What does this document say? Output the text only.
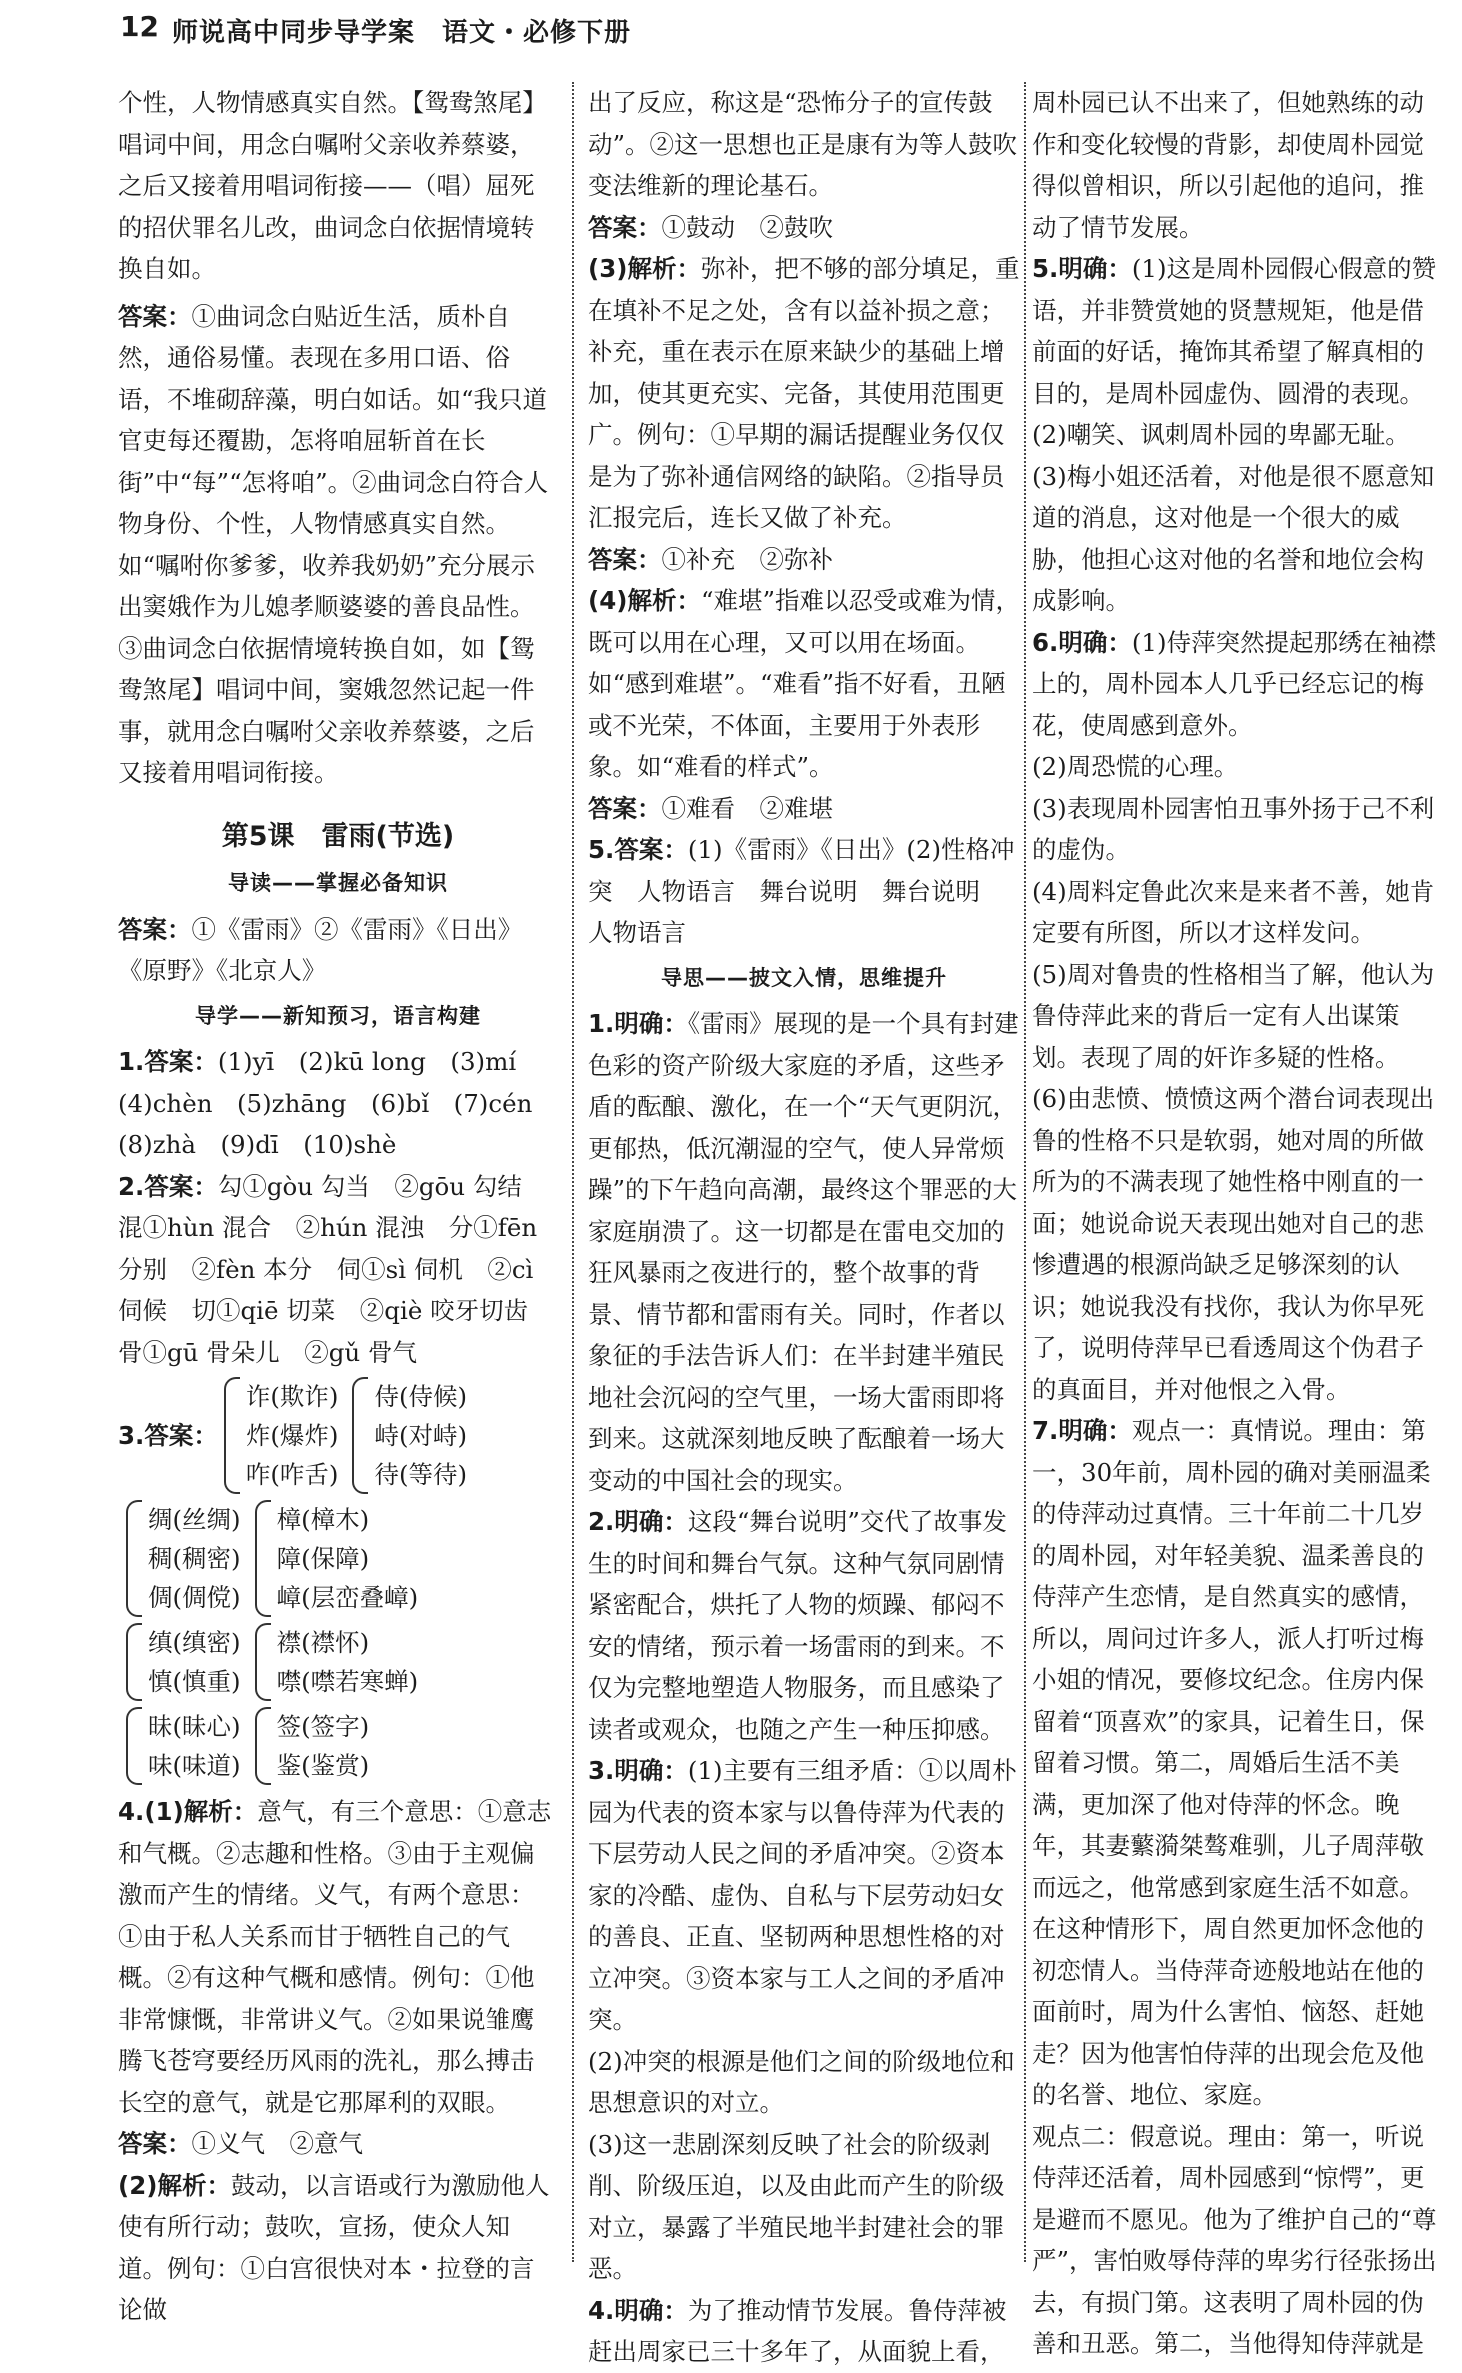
12 师说高中同步导学案　语文・必修下册

个性，人物情感真实自然。【鸳鸯煞尾】

唱词中间，用念白嘱咐父亲收养蔡婆，

之后又接着用唱词衔接——（唱）屈死

的招伏罪名儿改，曲词念白依据情境转

换自如。

答案：①曲词念白贴近生活，质朴自然，通俗易懂。表现在多用口语、俗语，不堆砌辞藻，明白如话。如“我只道官吏每还覆勘，怎将咱屈斩首在长街”中“每”“怎将咱”。②曲词念白符合人物身份、个性，人物情感真实自然。如“嘱咐你爹爹，收养我奶奶”充分展示出窦娥作为儿媳孝顺婆婆的善良品性。③曲词念白依据情境转换自如，如【鸳鸯煞尾】唱词中间，窦娥忽然记起一件事，就用念白嘱咐父亲收养蔡婆，之后又接着用唱词衔接。

第5课　雷雨(节选)
导读——掌握必备知识

答案：①《雷雨》②《雷雨》《日出》《原野》《北京人》

导学——新知预习，语言构建

1.答案：(1)yī　(2)kū long　(3)mí　(4)chèn　(5)zhāng　(6)bǐ　(7)cén　(8)zhà　(9)dī　(10)shè

2.答案：勾①gòu 勾当　②gōu 勾结　混①hùn 混合　②hún 混浊　分①fēn 分别　②fèn 本分　伺①sì 伺机　②cì 伺候　切①qiē 切菜　②qiè 咬牙切齿　骨①gū 骨朵儿　②gǔ 骨气

3.答案：
诈(欺诈)
炸(爆炸)
咋(咋舌)
侍(侍候)
峙(对峙)
待(等待)
绸(丝绸)
稠(稠密)
倜(倜傥)
樟(樟木)
障(保障)
嶂(层峦叠嶂)
缜(缜密)
慎(慎重)
襟(襟怀)
噤(噤若寒蝉)
昧(昧心)
味(味道)
签(签字)
鉴(鉴赏)

4.(1)解析：意气，有三个意思：①意志和气概。②志趣和性格。③由于主观偏激而产生的情绪。义气，有两个意思：①由于私人关系而甘于牺牲自己的气概。②有这种气概和感情。例句：①他非常慷慨，非常讲义气。②如果说雏鹰腾飞苍穹要经历风雨的洗礼，那么搏击长空的意气，就是它那犀利的双眼。

答案：①义气　②意气

(2)解析：鼓动，以言语或行为激励他人使有所行动；鼓吹，宣扬，使众人知道。例句：①白宫很快对本・拉登的言论做

出了反应，称这是“恐怖分子的宣传鼓动”。②这一思想也正是康有为等人鼓吹变法维新的理论基石。

答案：①鼓动　②鼓吹

(3)解析：弥补，把不够的部分填足，重在填补不足之处，含有以益补损之意；补充，重在表示在原来缺少的基础上增加，使其更充实、完备，其使用范围更广。例句：①早期的漏话提醒业务仅仅是为了弥补通信网络的缺陷。②指导员汇报完后，连长又做了补充。

答案：①补充　②弥补

(4)解析：“难堪”指难以忍受或难为情，既可以用在心理，又可以用在场面。如“感到难堪”。“难看”指不好看，丑陋或不光荣，不体面，主要用于外表形象。如“难看的样式”。

答案：①难看　②难堪

5.答案：(1)《雷雨》《日出》(2)性格冲突　人物语言　舞台说明　舞台说明　人物语言

导思——披文入情，思维提升

1.明确：《雷雨》展现的是一个具有封建色彩的资产阶级大家庭的矛盾，这些矛盾的酝酿、激化，在一个“天气更阴沉，更郁热，低沉潮湿的空气，使人异常烦躁”的下午趋向高潮，最终这个罪恶的大家庭崩溃了。这一切都是在雷电交加的狂风暴雨之夜进行的，整个故事的背景、情节都和雷雨有关。同时，作者以象征的手法告诉人们：在半封建半殖民地社会沉闷的空气里，一场大雷雨即将到来。这就深刻地反映了酝酿着一场大变动的中国社会的现实。

2.明确：这段“舞台说明”交代了故事发生的时间和舞台气氛。这种气氛同剧情紧密配合，烘托了人物的烦躁、郁闷不安的情绪，预示着一场雷雨的到来。不仅为完整地塑造人物服务，而且感染了读者或观众，也随之产生一种压抑感。

3.明确：(1)主要有三组矛盾：①以周朴园为代表的资本家与以鲁侍萍为代表的下层劳动人民之间的矛盾冲突。②资本家的冷酷、虚伪、自私与下层劳动妇女的善良、正直、坚韧两种思想性格的对立冲突。③资本家与工人之间的矛盾冲突。

(2)冲突的根源是他们之间的阶级地位和思想意识的对立。

(3)这一悲剧深刻反映了社会的阶级剥削、阶级压迫，以及由此而产生的阶级对立，暴露了半殖民地半封建社会的罪恶。

4.明确：为了推动情节发展。鲁侍萍被赶出周家已三十多年了，从面貌上看，

周朴园已认不出来了，但她熟练的动作和变化较慢的背影，却使周朴园觉得似曾相识，所以引起他的追问，推动了情节发展。

5.明确：(1)这是周朴园假心假意的赞语，并非赞赏她的贤慧规矩，他是借前面的好话，掩饰其希望了解真相的目的，是周朴园虚伪、圆滑的表现。

(2)嘲笑、讽刺周朴园的卑鄙无耻。

(3)梅小姐还活着，对他是很不愿意知道的消息，这对他是一个很大的威胁，他担心这对他的名誉和地位会构成影响。

6.明确：(1)侍萍突然提起那绣在袖襟上的，周朴园本人几乎已经忘记的梅花，使周感到意外。

(2)周恐慌的心理。

(3)表现周朴园害怕丑事外扬于己不利的虚伪。

(4)周料定鲁此次来是来者不善，她肯定要有所图，所以才这样发问。

(5)周对鲁贵的性格相当了解，他认为鲁侍萍此来的背后一定有人出谋策划。表现了周的奸诈多疑的性格。

(6)由悲愤、愤愤这两个潜台词表现出鲁的性格不只是软弱，她对周的所做所为的不满表现了她性格中刚直的一面；她说命说天表现出她对自己的悲惨遭遇的根源尚缺乏足够深刻的认识；她说我没有找你，我认为你早死了，说明侍萍早已看透周这个伪君子的真面目，并对他恨之入骨。

7.明确：观点一：真情说。理由：第一，30年前，周朴园的确对美丽温柔的侍萍动过真情。三十年前二十几岁的周朴园，对年轻美貌、温柔善良的侍萍产生恋情，是自然真实的感情，所以，周问过许多人，派人打听过梅小姐的情况，要修坟纪念。住房内保留着“顶喜欢”的家具，记着生日，保留着习惯。第二，周婚后生活不美满，更加深了他对侍萍的怀念。晚年，其妻蘩漪桀骜难驯，儿子周萍敬而远之，他常感到家庭生活不如意。在这种情形下，周自然更加怀念他的初恋情人。当侍萍奇迹般地站在他的面前时，周为什么害怕、恼怒、赶她走？因为他害怕侍萍的出现会危及他的名誉、地位、家庭。

观点二：假意说。理由：第一，听说侍萍还活着，周朴园感到“惊愕”，更是避而不愿见。他为了维护自己的“尊严”，害怕败辱侍萍的卑劣行径张扬出去，有损门第。这表明了周朴园的伪善和丑恶。第二，当他得知侍萍就是
